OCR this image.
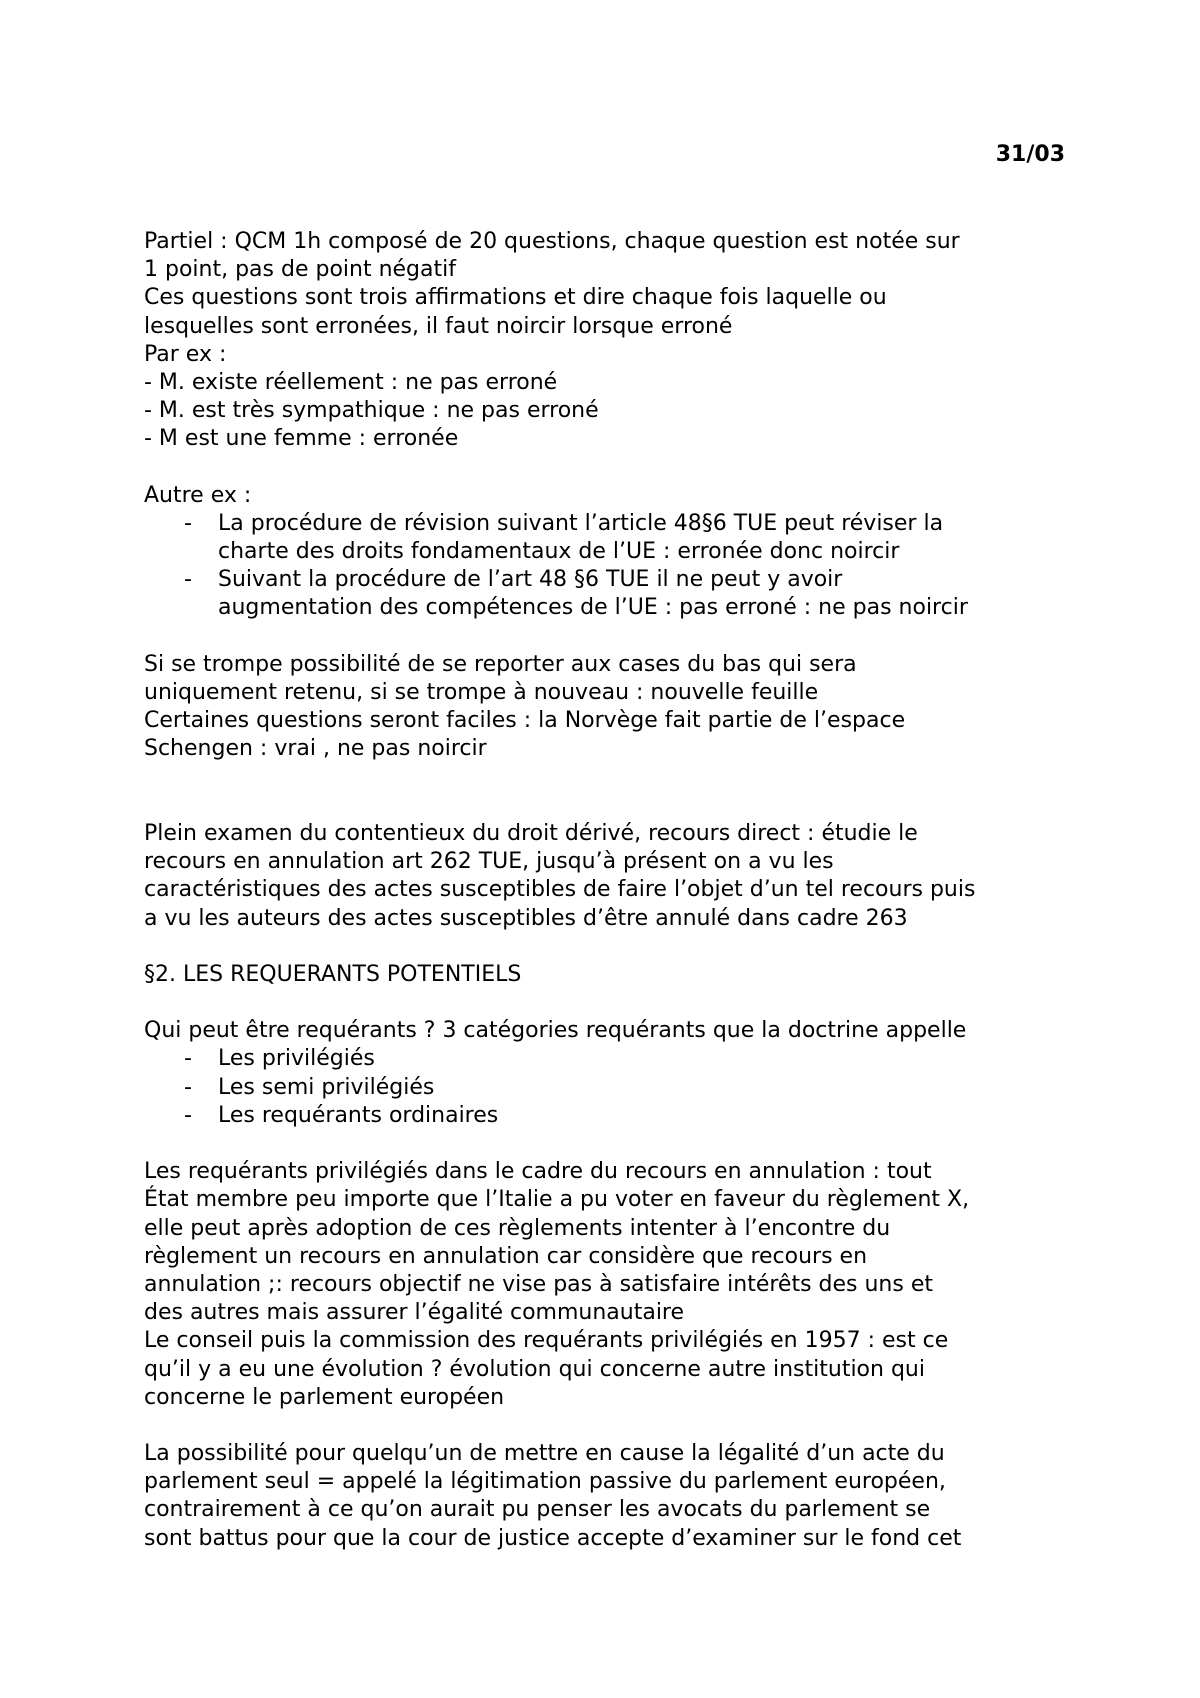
31/03
Partiel : QCM 1h composé de 20 questions, chaque question est notée sur
1 point, pas de point négatif
Ces questions sont trois affirmations et dire chaque fois laquelle ou
lesquelles sont erronées, il faut noircir lorsque erroné
Par ex :
- M. existe réellement : ne pas erroné
- M. est très sympathique : ne pas erroné
- M est une femme : erronée
Autre ex :
- La procédure de révision suivant l’article 48§6 TUE peut réviser la
charte des droits fondamentaux de l’UE : erronée donc noircir
- Suivant la procédure de l’art 48 §6 TUE il ne peut y avoir
augmentation des compétences de l’UE : pas erroné : ne pas noircir
Si se trompe possibilité de se reporter aux cases du bas qui sera
uniquement retenu, si se trompe à nouveau : nouvelle feuille
Certaines questions seront faciles : la Norvège fait partie de l’espace
Schengen : vrai , ne pas noircir
Plein examen du contentieux du droit dérivé, recours direct : étudie le
recours en annulation art 262 TUE, jusqu’à présent on a vu les
caractéristiques des actes susceptibles de faire l’objet d’un tel recours puis
a vu les auteurs des actes susceptibles d’être annulé dans cadre 263
§2. LES REQUERANTS POTENTIELS
Qui peut être requérants ? 3 catégories requérants que la doctrine appelle
- Les privilégiés
- Les semi privilégiés
- Les requérants ordinaires
Les requérants privilégiés dans le cadre du recours en annulation : tout
État membre peu importe que l’Italie a pu voter en faveur du règlement X,
elle peut après adoption de ces règlements intenter à l’encontre du
règlement un recours en annulation car considère que recours en
annulation ;: recours objectif ne vise pas à satisfaire intérêts des uns et
des autres mais assurer l’égalité communautaire
Le conseil puis la commission des requérants privilégiés en 1957 : est ce
qu’il y a eu une évolution ? évolution qui concerne autre institution qui
concerne le parlement européen
La possibilité pour quelqu’un de mettre en cause la légalité d’un acte du
parlement seul = appelé la légitimation passive du parlement européen,
contrairement à ce qu’on aurait pu penser les avocats du parlement se
sont battus pour que la cour de justice accepte d’examiner sur le fond cet
